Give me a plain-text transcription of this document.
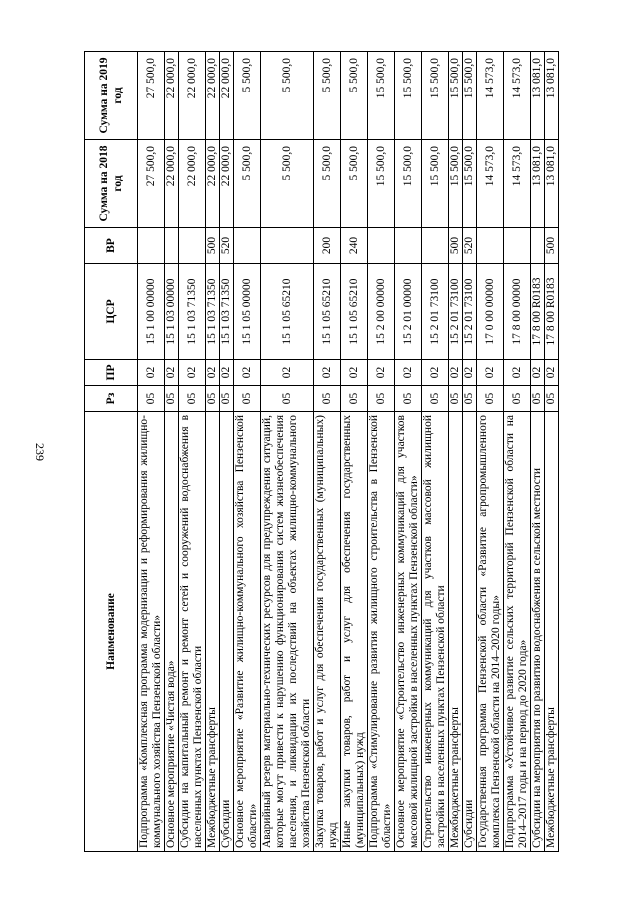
239
Наименование	Рз	ПР	ЦСР	ВР	Сумма на 2018 год	Сумма на 2019 год
Подпрограмма «Комплексная программа модернизации и реформирования жилищно-коммунального хозяйства Пензенской области»	05	02	15 1 00 00000		27 500,0	27 500,0
Основное мероприятие «Чистая вода»	05	02	15 1 03 00000		22 000,0	22 000,0
Субсидии на капитальный ремонт и ремонт сетей и сооружений водоснабжения в населенных пунктах Пензенской области	05	02	15 1 03 71350		22 000,0	22 000,0
Межбюджетные трансферты	05	02	15 1 03 71350	500	22 000,0	22 000,0
Субсидии	05	02	15 1 03 71350	520	22 000,0	22 000,0
Основное мероприятие «Развитие жилищно-коммунального хозяйства Пензенской области»	05	02	15 1 05 00000		5 500,0	5 500,0
Аварийный резерв материально-технических ресурсов для предупреждения ситуаций, которые могут привести к нарушению функционирования систем жизнеобеспечения населения, и ликвидации их последствий на объектах жилищно-коммунального хозяйства Пензенской области	05	02	15 1 05 65210		5 500,0	5 500,0
Закупка товаров, работ и услуг для обеспечения государственных (муниципальных) нужд	05	02	15 1 05 65210	200	5 500,0	5 500,0
Иные закупки товаров, работ и услуг для обеспечения государственных (муниципальных) нужд	05	02	15 1 05 65210	240	5 500,0	5 500,0
Подпрограмма «Стимулирование развития жилищного строительства в Пензенской области»	05	02	15 2 00 00000		15 500,0	15 500,0
Основное мероприятие «Строительство инженерных коммуникаций для участков массовой жилищной застройки в населенных пунктах Пензенской области»	05	02	15 2 01 00000		15 500,0	15 500,0
Строительство инженерных коммуникаций для участков массовой жилищной застройки в населенных пунктах Пензенской области	05	02	15 2 01 73100		15 500,0	15 500,0
Межбюджетные трансферты	05	02	15 2 01 73100	500	15 500,0	15 500,0
Субсидии	05	02	15 2 01 73100	520	15 500,0	15 500,0
Государственная программа Пензенской области «Развитие агропромышленного комплекса Пензенской области на 2014–2020 годы»	05	02	17 0 00 00000		14 573,0	14 573,0
Подпрограмма «Устойчивое развитие сельских территорий Пензенской области на 2014–2017 годы и на период до 2020 года»	05	02	17 8 00 00000		14 573,0	14 573,0
Субсидии на мероприятия по развитию водоснабжения в сельской местности	05	02	17 8 00 R0183		13 081,0	13 081,0
Межбюджетные трансферты	05	02	17 8 00 R0183	500	13 081,0	13 081,0
